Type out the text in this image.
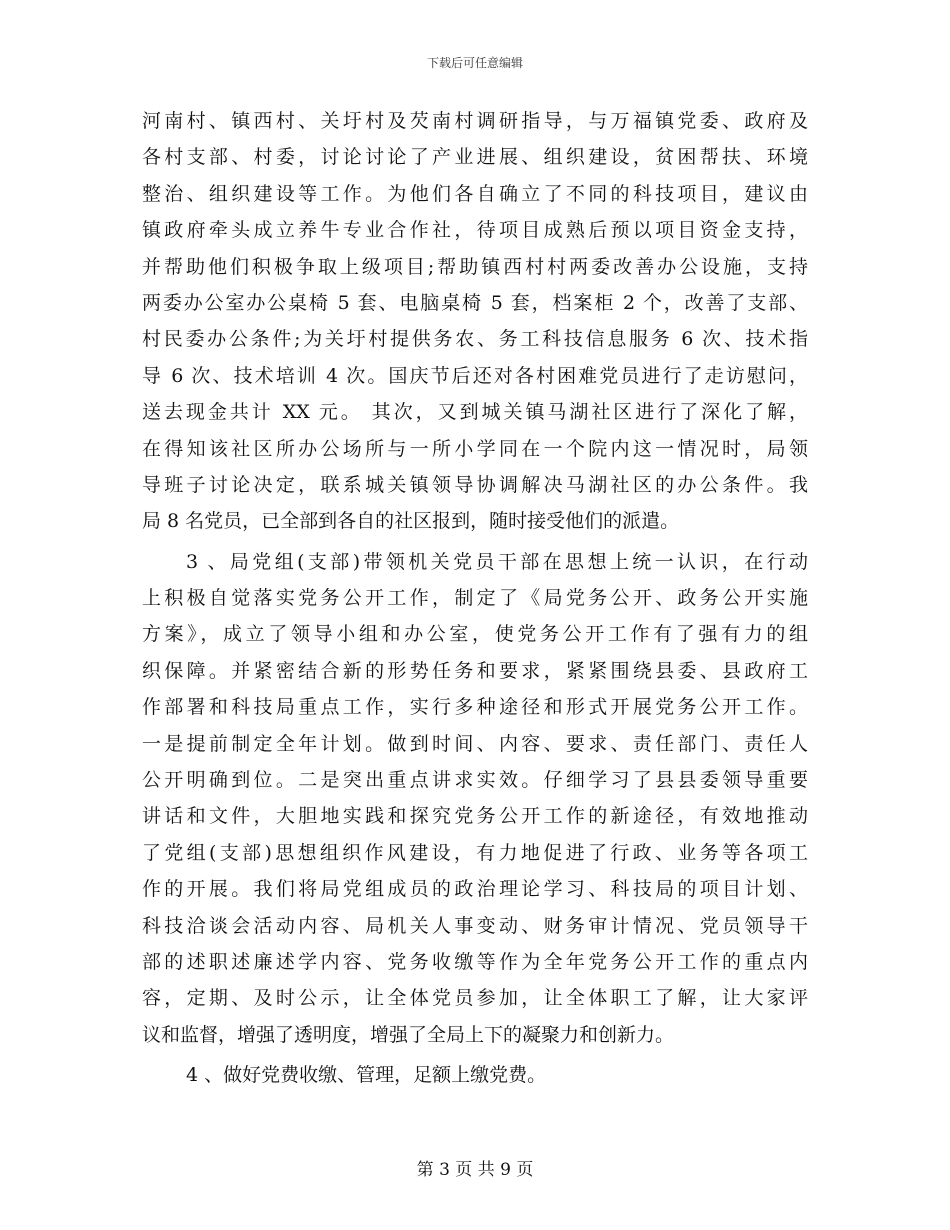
下载后可任意编辑
河南村、镇西村、关圩村及芡南村调研指导，与万福镇党委、政府及
各村支部、村委，讨论讨论了产业进展、组织建设，贫困帮扶、环境
整治、组织建设等工作。为他们各自确立了不同的科技项目，建议由
镇政府牵头成立养牛专业合作社，待项目成熟后预以项目资金支持，
并帮助他们积极争取上级项目;帮助镇西村村两委改善办公设施，支持
两委办公室办公桌椅 5 套、电脑桌椅 5 套，档案柜 2 个，改善了支部、
村民委办公条件;为关圩村提供务农、务工科技信息服务 6 次、技术指
导 6 次、技术培训 4 次。国庆节后还对各村困难党员进行了走访慰问，
送去现金共计 XX 元。 其次，又到城关镇马湖社区进行了深化了解，
在得知该社区所办公场所与一所小学同在一个院内这一情况时，局领
导班子讨论决定，联系城关镇领导协调解决马湖社区的办公条件。我
局 8 名党员，已全部到各自的社区报到，随时接受他们的派遣。
3 、局党组(支部)带领机关党员干部在思想上统一认识，在行动
上积极自觉落实党务公开工作，制定了《局党务公开、政务公开实施
方案》，成立了领导小组和办公室，使党务公开工作有了强有力的组
织保障。并紧密结合新的形势任务和要求，紧紧围绕县委、县政府工
作部署和科技局重点工作，实行多种途径和形式开展党务公开工作。
一是提前制定全年计划。做到时间、内容、要求、责任部门、责任人
公开明确到位。二是突出重点讲求实效。仔细学习了县县委领导重要
讲话和文件，大胆地实践和探究党务公开工作的新途径，有效地推动
了党组(支部)思想组织作风建设，有力地促进了行政、业务等各项工
作的开展。我们将局党组成员的政治理论学习、科技局的项目计划、
科技洽谈会活动内容、局机关人事变动、财务审计情况、党员领导干
部的述职述廉述学内容、党务收缴等作为全年党务公开工作的重点内
容，定期、及时公示，让全体党员参加，让全体职工了解，让大家评
议和监督，增强了透明度，增强了全局上下的凝聚力和创新力。
4 、做好党费收缴、管理，足额上缴党费。
第 3 页 共 9 页
